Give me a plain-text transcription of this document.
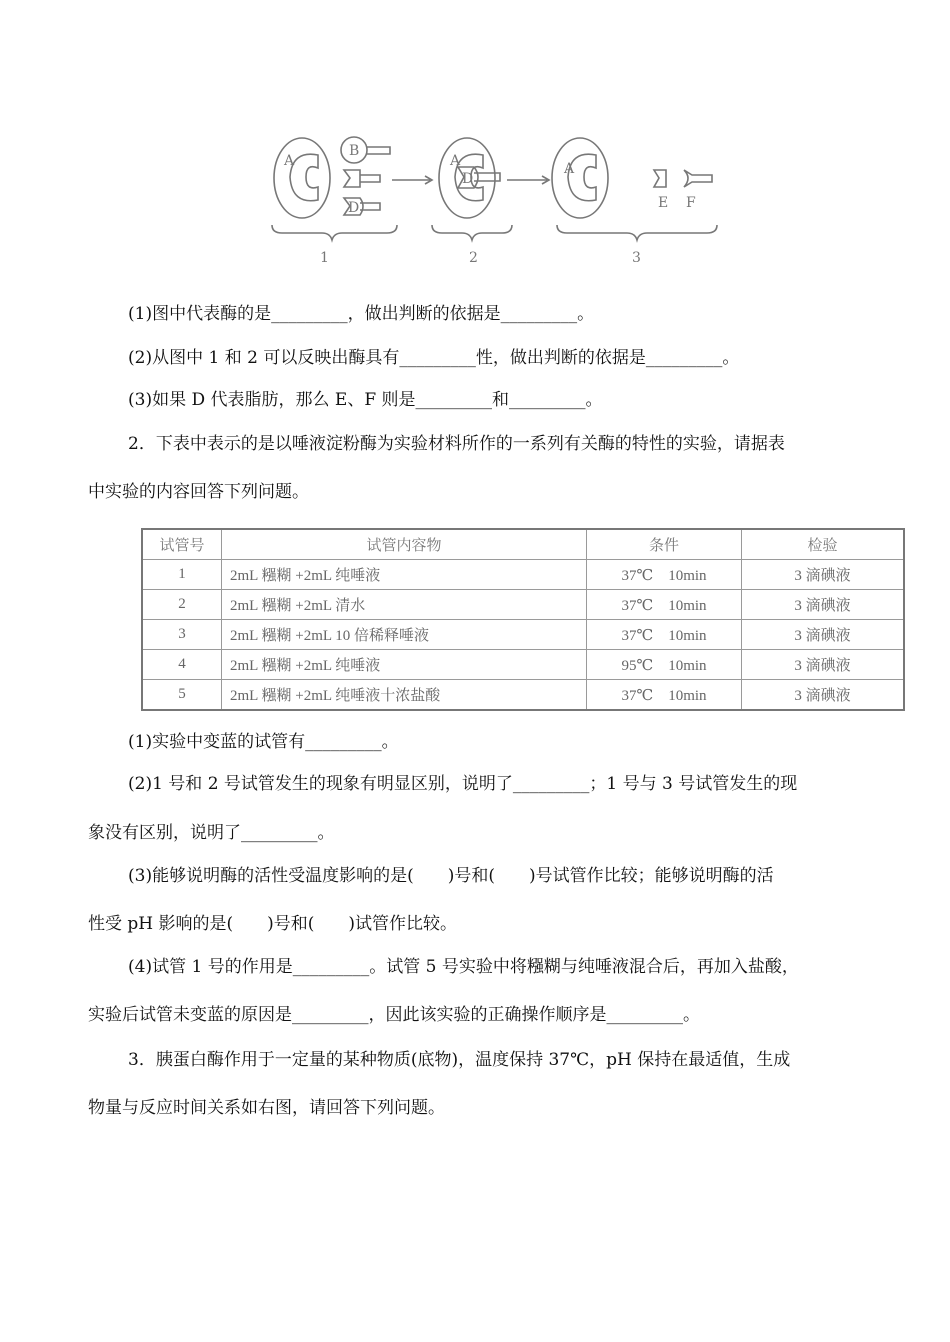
A
B
D
A
D
A
E F
1	2	3
(1)图中代表酶的是_________，做出判断的依据是_________。
(2)从图中 1 和 2 可以反映出酶具有_________性，做出判断的依据是_________。
(3)如果 D 代表脂肪，那么 E、F 则是_________和_________。
2．下表中表示的是以唾液淀粉酶为实验材料所作的一系列有关酶的特性的实验，请据表
中实验的内容回答下列问题。
试管号	试管内容物	条件	检验
1	2mL 糨糊 +2mL 纯唾液	37℃　10min	3 滴碘液
2	2mL 糨糊 +2mL 清水	37℃　10min	3 滴碘液
3	2mL 糨糊 +2mL 10 倍稀释唾液	37℃　10min	3 滴碘液
4	2mL 糨糊 +2mL 纯唾液	95℃　10min	3 滴碘液
5	2mL 糨糊 +2mL 纯唾液十浓盐酸	37℃　10min	3 滴碘液
(1)实验中变蓝的试管有_________。
(2)1 号和 2 号试管发生的现象有明显区别，说明了_________；1 号与 3 号试管发生的现
象没有区别，说明了_________。
(3)能够说明酶的活性受温度影响的是(　　)号和(　　)号试管作比较；能够说明酶的活
性受 pH 影响的是(　　)号和(　　)试管作比较。
(4)试管 1 号的作用是_________。试管 5 号实验中将糨糊与纯唾液混合后，再加入盐酸，
实验后试管未变蓝的原因是_________，因此该实验的正确操作顺序是_________。
3．胰蛋白酶作用于一定量的某种物质(底物)，温度保持 37℃，pH 保持在最适值，生成
物量与反应时间关系如右图，请回答下列问题。
